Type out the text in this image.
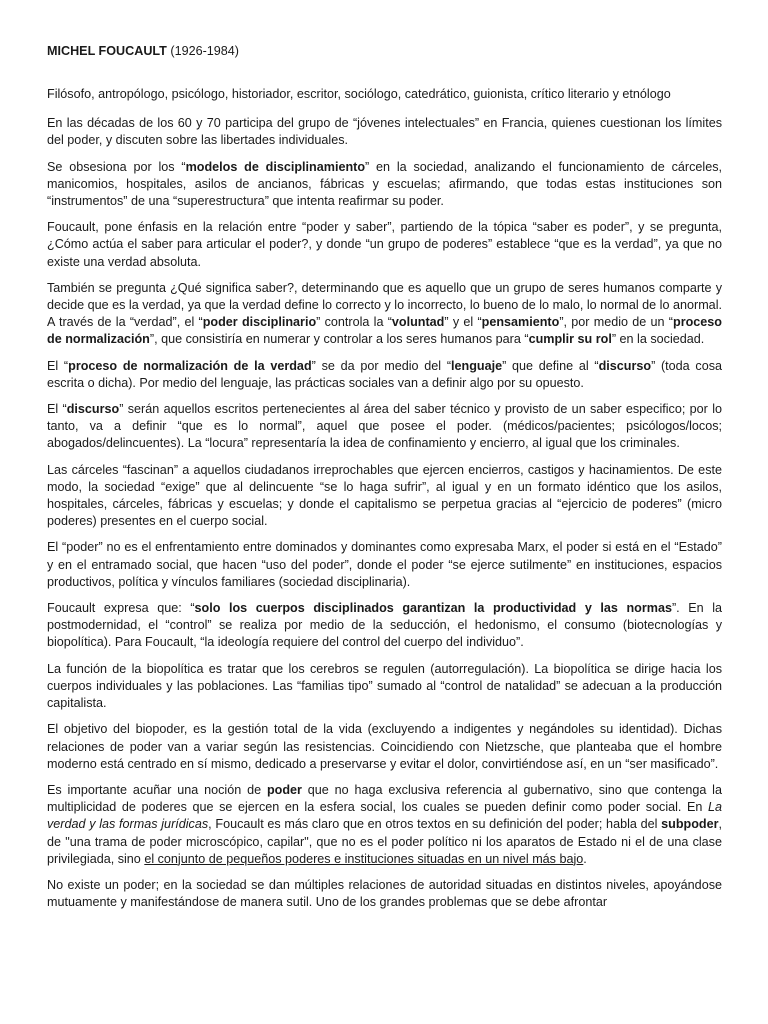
MICHEL FOUCAULT (1926-1984)

Filósofo, antropólogo, psicólogo, historiador, escritor, sociólogo, catedrático, guionista, crítico literario y etnólogo

En las décadas de los 60 y 70 participa del grupo de “jóvenes intelectuales” en Francia, quienes cuestionan los límites del poder, y discuten sobre las libertades individuales.

Se obsesiona por los “modelos de disciplinamiento” en la sociedad, analizando el funcionamiento de cárceles, manicomios, hospitales, asilos de ancianos, fábricas y escuelas; afirmando, que todas estas instituciones son “instrumentos” de una “superestructura” que intenta reafirmar su poder.

Foucault, pone énfasis en la relación entre “poder y saber”, partiendo de la tópica “saber es poder”, y se pregunta, ¿Cómo actúa el saber para articular el poder?, y donde “un grupo de poderes” establece “que es la verdad”, ya que no existe una verdad absoluta.

También se pregunta ¿Qué significa saber?, determinando que es aquello que un grupo de seres humanos comparte y decide que es la verdad, ya que la verdad define lo correcto y lo incorrecto, lo bueno de lo malo, lo normal de lo anormal. A través de la “verdad”, el “poder disciplinario” controla la “voluntad” y el “pensamiento”, por medio de un “proceso de normalización”, que consistiría en numerar y controlar a los seres humanos para “cumplir su rol” en la sociedad.

El “proceso de normalización de la verdad” se da por medio del “lenguaje” que define al “discurso” (toda cosa escrita o dicha). Por medio del lenguaje, las prácticas sociales van a definir algo por su opuesto.

El “discurso” serán aquellos escritos pertenecientes al área del saber técnico y provisto de un saber especifico; por lo tanto, va a definir “que es lo normal”, aquel que posee el poder. (médicos/pacientes; psicólogos/locos; abogados/delincuentes). La “locura” representaría la idea de confinamiento y encierro, al igual que los criminales.

Las cárceles “fascinan” a aquellos ciudadanos irreprochables que ejercen encierros, castigos y hacinamientos. De este modo, la sociedad “exige” que al delincuente “se lo haga sufrir”, al igual y en un formato idéntico que los asilos, hospitales, cárceles, fábricas y escuelas; y donde el capitalismo se perpetua gracias al “ejercicio de poderes” (micro poderes) presentes en el cuerpo social.

El “poder” no es el enfrentamiento entre dominados y dominantes como expresaba Marx, el poder si está en el “Estado” y en el entramado social, que hacen “uso del poder”, donde el poder “se ejerce sutilmente” en instituciones, espacios productivos, política y vínculos familiares (sociedad disciplinaria).

Foucault expresa que: “solo los cuerpos disciplinados garantizan la productividad y las normas”. En la postmodernidad, el “control” se realiza por medio de la seducción, el hedonismo, el consumo (biotecnologías y biopolítica). Para Foucault, “la ideología requiere del control del cuerpo del individuo”.

La función de la biopolítica es tratar que los cerebros se regulen (autorregulación). La biopolítica se dirige hacia los cuerpos individuales y las poblaciones. Las “familias tipo” sumado al “control de natalidad” se adecuan a la producción capitalista.

El objetivo del biopoder, es la gestión total de la vida (excluyendo a indigentes y negándoles su identidad). Dichas relaciones de poder van a variar según las resistencias. Coincidiendo con Nietzsche, que planteaba que el hombre moderno está centrado en sí mismo, dedicado a preservarse y evitar el dolor, convirtiéndose así, en un “ser masificado”.

Es importante acuñar una noción de poder que no haga exclusiva referencia al gubernativo, sino que contenga la multiplicidad de poderes que se ejercen en la esfera social, los cuales se pueden definir como poder social. En La verdad y las formas jurídicas, Foucault es más claro que en otros textos en su definición del poder; habla del subpoder, de "una trama de poder microscópico, capilar", que no es el poder político ni los aparatos de Estado ni el de una clase privilegiada, sino el conjunto de pequeños poderes e instituciones situadas en un nivel más bajo.

No existe un poder; en la sociedad se dan múltiples relaciones de autoridad situadas en distintos niveles, apoyándose mutuamente y manifestándose de manera sutil. Uno de los grandes problemas que se debe afrontar
